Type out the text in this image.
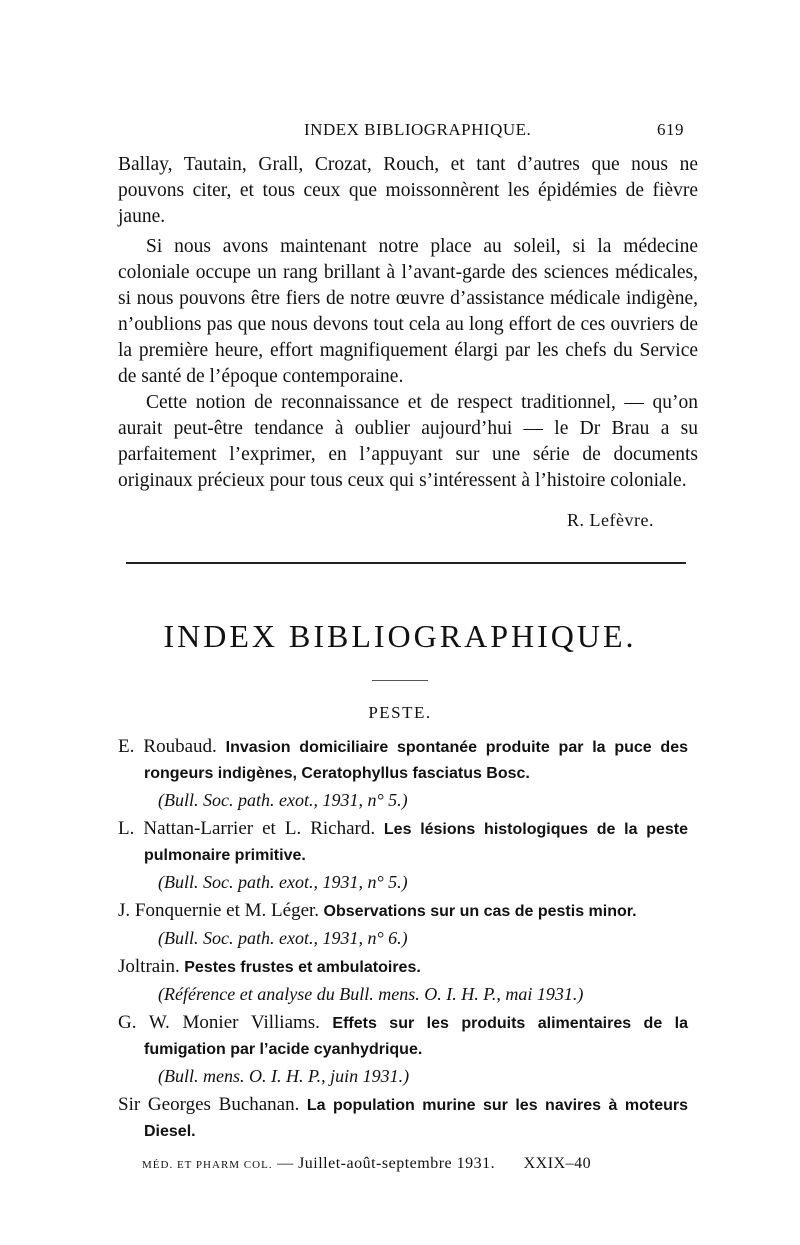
INDEX BIBLIOGRAPHIQUE.	619

Ballay, Tautain, Grall, Crozat, Rouch, et tant d’autres que nous ne pouvons citer, et tous ceux que moissonnèrent les épidémies de fièvre jaune.

Si nous avons maintenant notre place au soleil, si la médecine coloniale occupe un rang brillant à l’avant-garde des sciences médicales, si nous pouvons être fiers de notre œuvre d’assistance médicale indigène, n’oublions pas que nous devons tout cela au long effort de ces ouvriers de la première heure, effort magnifiquement élargi par les chefs du Service de santé de l’époque contemporaine.

Cette notion de reconnaissance et de respect traditionnel, — qu’on aurait peut-être tendance à oublier aujourd’hui — le Dr Brau a su parfaitement l’exprimer, en l’appuyant sur une série de documents originaux précieux pour tous ceux qui s’intéressent à l’histoire coloniale.

R. Lefèvre.
INDEX BIBLIOGRAPHIQUE.
PESTE.
E. Roubaud. Invasion domiciliaire spontanée produite par la puce des rongeurs indigènes, Ceratophyllus fasciatus Bosc.
(Bull. Soc. path. exot., 1931, n° 5.)
L. Nattan-Larrier et L. Richard. Les lésions histologiques de la peste pulmonaire primitive.
(Bull. Soc. path. exot., 1931, n° 5.)
J. Fonquernie et M. Léger. Observations sur un cas de pestis minor.
(Bull. Soc. path. exot., 1931, n° 6.)
Joltrain. Pestes frustes et ambulatoires.
(Référence et analyse du Bull. mens. O. I. H. P., mai 1931.)
G. W. Monier Villiams. Effets sur les produits alimentaires de la fumigation par l’acide cyanhydrique.
(Bull. mens. O. I. H. P., juin 1931.)
Sir Georges Buchanan. La population murine sur les navires à moteurs Diesel.
MÉD. ET PHARM COL. — Juillet-août-septembre 1931. XXIX–40
